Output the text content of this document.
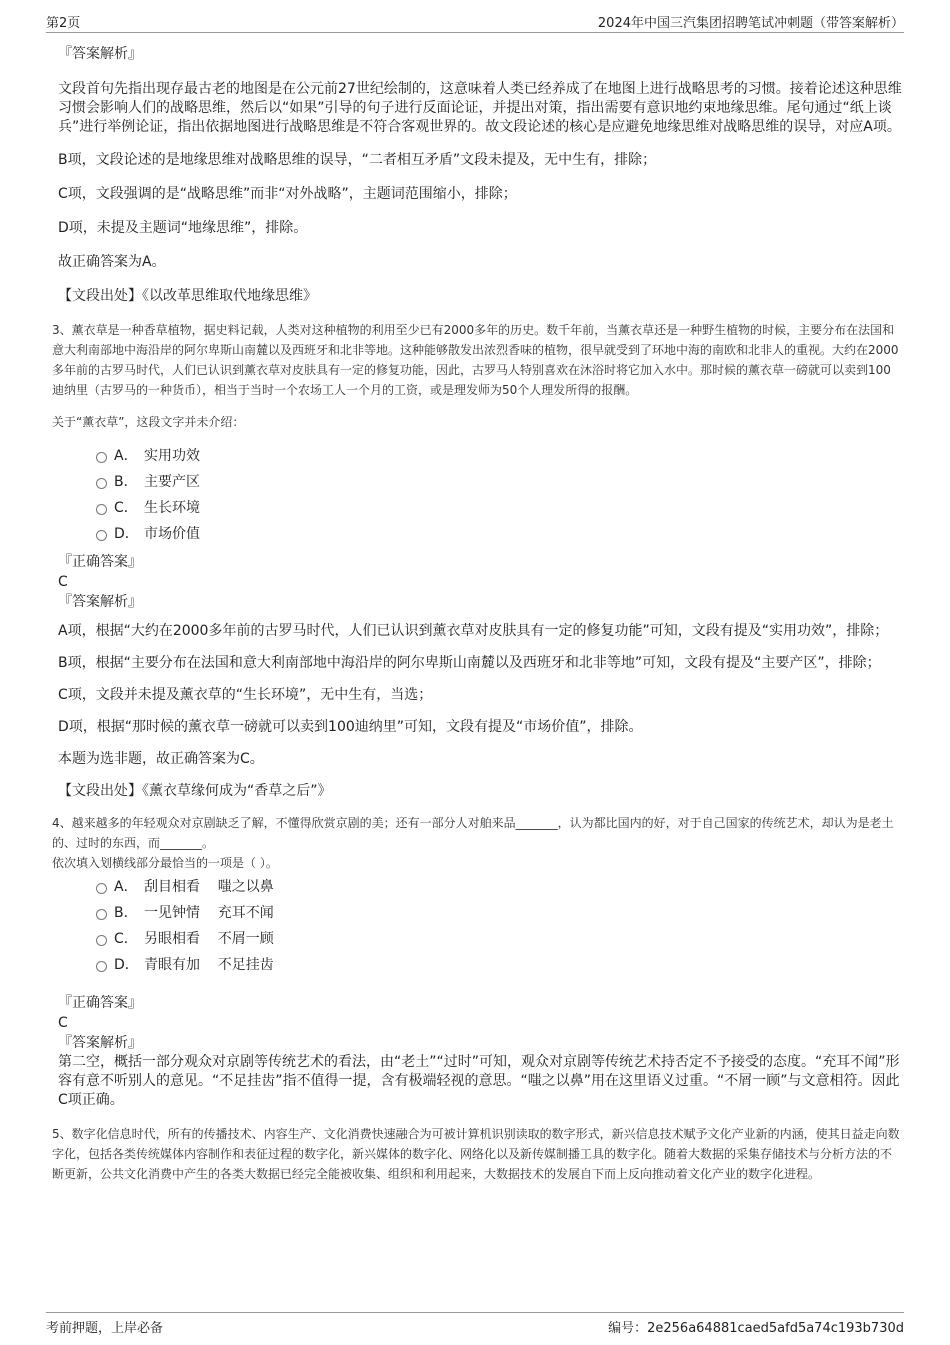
第2页	2024年中国三汽集团招聘笔试冲刺题（带答案解析）
『答案解析』

文段首句先指出现存最古老的地图是在公元前27世纪绘制的，这意味着人类已经养成了在地图上进行战略思考的习惯。接着论述这种思维习惯会影响人们的战略思维，然后以“如果”引导的句子进行反面论证，并提出对策，指出需要有意识地约束地缘思维。尾句通过“纸上谈兵”进行举例论证，指出依据地图进行战略思维是不符合客观世界的。故文段论述的核心是应避免地缘思维对战略思维的误导，对应A项。

B项，文段论述的是地缘思维对战略思维的误导，“二者相互矛盾”文段未提及，无中生有，排除；

C项，文段强调的是“战略思维”而非“对外战略”，主题词范围缩小，排除；

D项，未提及主题词“地缘思维”，排除。

故正确答案为A。

【文段出处】《以改革思维取代地缘思维》

3、薰衣草是一种香草植物，据史料记载，人类对这种植物的利用至少已有2000多年的历史。数千年前，当薰衣草还是一种野生植物的时候，主要分布在法国和意大利南部地中海沿岸的阿尔卑斯山南麓以及西班牙和北非等地。这种能够散发出浓烈香味的植物，很早就受到了环地中海的南欧和北非人的重视。大约在2000多年前的古罗马时代，人们已认识到薰衣草对皮肤具有一定的修复功能，因此，古罗马人特别喜欢在沐浴时将它加入水中。那时候的薰衣草一磅就可以卖到100迪纳里（古罗马的一种货币），相当于当时一个农场工人一个月的工资，或是理发师为50个人理发所得的报酬。

关于“薰衣草”，这段文字并未介绍：

A． 实用功效
B． 主要产区
C． 生长环境
D． 市场价值
『正确答案』
C
『答案解析』

A项，根据“大约在2000多年前的古罗马时代，人们已认识到薰衣草对皮肤具有一定的修复功能”可知，文段有提及“实用功效”，排除；

B项，根据“主要分布在法国和意大利南部地中海沿岸的阿尔卑斯山南麓以及西班牙和北非等地”可知，文段有提及“主要产区”，排除；

C项，文段并未提及薰衣草的“生长环境”，无中生有，当选；

D项，根据“那时候的薰衣草一磅就可以卖到100迪纳里”可知，文段有提及“市场价值”，排除。

本题为选非题，故正确答案为C。

【文段出处】《薰衣草缘何成为“香草之后”》

4、越来越多的年轻观众对京剧缺乏了解，不懂得欣赏京剧的美；还有一部分人对舶来品_______，认为都比国内的好，对于自己国家的传统艺术，却认为是老土的、过时的东西，而_______。

依次填入划横线部分最恰当的一项是（ ）。

A． 刮目相看    嗤之以鼻
B． 一见钟情    充耳不闻
C． 另眼相看    不屑一顾
D． 青眼有加    不足挂齿
『正确答案』
C
『答案解析』

第二空，概括一部分观众对京剧等传统艺术的看法，由“老土”“过时”可知，观众对京剧等传统艺术持否定不予接受的态度。“充耳不闻”形容有意不听别人的意见。“不足挂齿”指不值得一提，含有极端轻视的意思。“嗤之以鼻”用在这里语义过重。“不屑一顾”与文意相符。因此C项正确。

5、数字化信息时代，所有的传播技术、内容生产、文化消费快速融合为可被计算机识别读取的数字形式，新兴信息技术赋予文化产业新的内涵，使其日益走向数字化，包括各类传统媒体内容制作和表征过程的数字化，新兴媒体的数字化、网络化以及新传媒制播工具的数字化。随着大数据的采集存储技术与分析方法的不断更新，公共文化消费中产生的各类大数据已经完全能被收集、组织和利用起来，大数据技术的发展自下而上反向推动着文化产业的数字化进程。

考前押题，上岸必备	编号：2e256a64881caed5afd5a74c193b730d
